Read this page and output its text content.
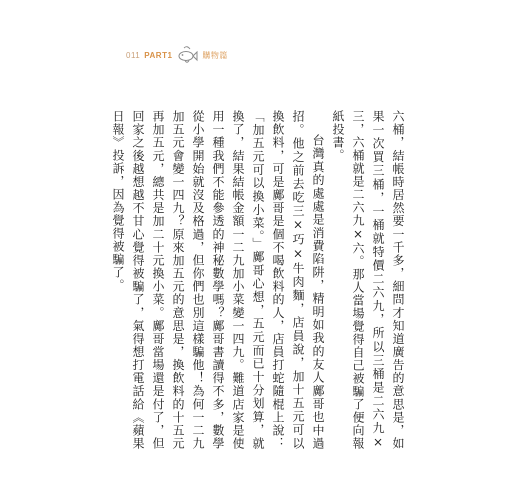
011 PART1	購物篇

六桶，結帳時居然要一千多，細問才知道廣告的意思是，如果一次買三桶，一桶就特價二六九，所以三桶是二六九×三，六桶就是二六九×六。那人當場覺得自己被騙了便向報紙投書。

台灣真的處處是消費陷阱，精明如我的友人鄺哥也中過招。他之前去吃三×巧×牛肉麵，店員說，加十五元可以換飲料，可是鄺哥是個不喝飲料的人，店員打蛇隨棍上說：「加五元可以換小菜。」鄺哥心想，五元而已十分划算，就換了，結果結帳金額一二九加小菜變一四九。難道店家是使用一種我們不能參透的神秘數學嗎？鄺哥書讀得不多，數學從小學開始就沒及格過，但你們也別這樣騙他！為何一二九加五元會變一四九？原來加五元的意思是，換飲料的十五元再加五元，總共是加二十元換小菜。鄺哥當場還是付了，但回家之後越想越不甘心覺得被騙了，氣得想打電話給《蘋果日報》投訴，因為覺得被騙了。
